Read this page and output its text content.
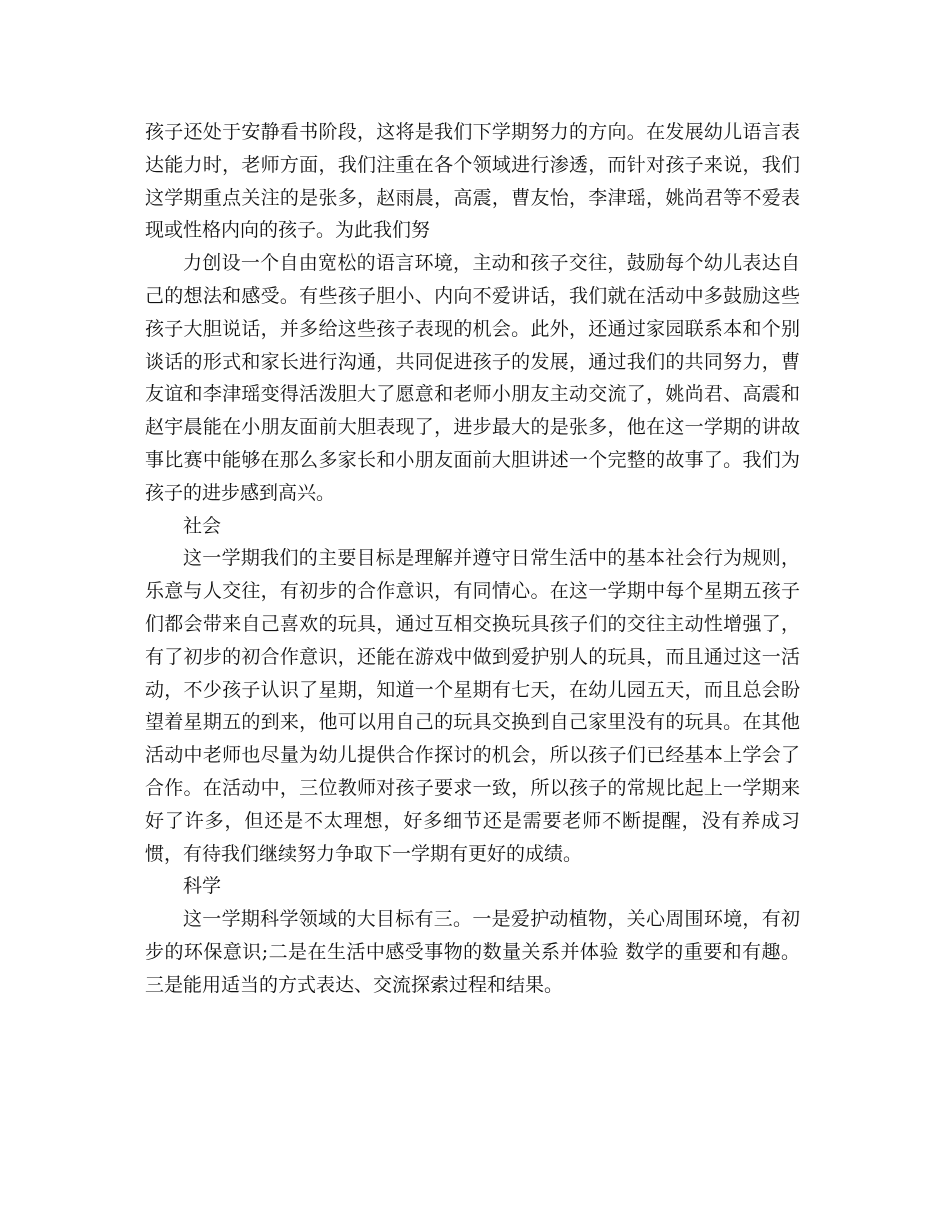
孩子还处于安静看书阶段，这将是我们下学期努力的方向。在发展幼儿语言表达能力时，老师方面，我们注重在各个领域进行渗透，而针对孩子来说，我们这学期重点关注的是张多，赵雨晨，高震，曹友怡，李津瑶，姚尚君等不爱表现或性格内向的孩子。为此我们努

力创设一个自由宽松的语言环境，主动和孩子交往，鼓励每个幼儿表达自己的想法和感受。有些孩子胆小、内向不爱讲话，我们就在活动中多鼓励这些孩子大胆说话，并多给这些孩子表现的机会。此外，还通过家园联系本和个别谈话的形式和家长进行沟通，共同促进孩子的发展，通过我们的共同努力，曹友谊和李津瑶变得活泼胆大了愿意和老师小朋友主动交流了，姚尚君、高震和赵宇晨能在小朋友面前大胆表现了，进步最大的是张多，他在这一学期的讲故事比赛中能够在那么多家长和小朋友面前大胆讲述一个完整的故事了。我们为孩子的进步感到高兴。

社会

这一学期我们的主要目标是理解并遵守日常生活中的基本社会行为规则，乐意与人交往，有初步的合作意识，有同情心。在这一学期中每个星期五孩子们都会带来自己喜欢的玩具，通过互相交换玩具孩子们的交往主动性增强了，有了初步的初合作意识，还能在游戏中做到爱护别人的玩具，而且通过这一活动，不少孩子认识了星期，知道一个星期有七天，在幼儿园五天，而且总会盼望着星期五的到来，他可以用自己的玩具交换到自己家里没有的玩具。在其他活动中老师也尽量为幼儿提供合作探讨的机会，所以孩子们已经基本上学会了合作。在活动中，三位教师对孩子要求一致，所以孩子的常规比起上一学期来好了许多，但还是不太理想，好多细节还是需要老师不断提醒，没有养成习惯，有待我们继续努力争取下一学期有更好的成绩。

科学

这一学期科学领域的大目标有三。一是爱护动植物，关心周围环境，有初步的环保意识;二是在生活中感受事物的数量关系并体验 数学的重要和有趣。三是能用适当的方式表达、交流探索过程和结果。
